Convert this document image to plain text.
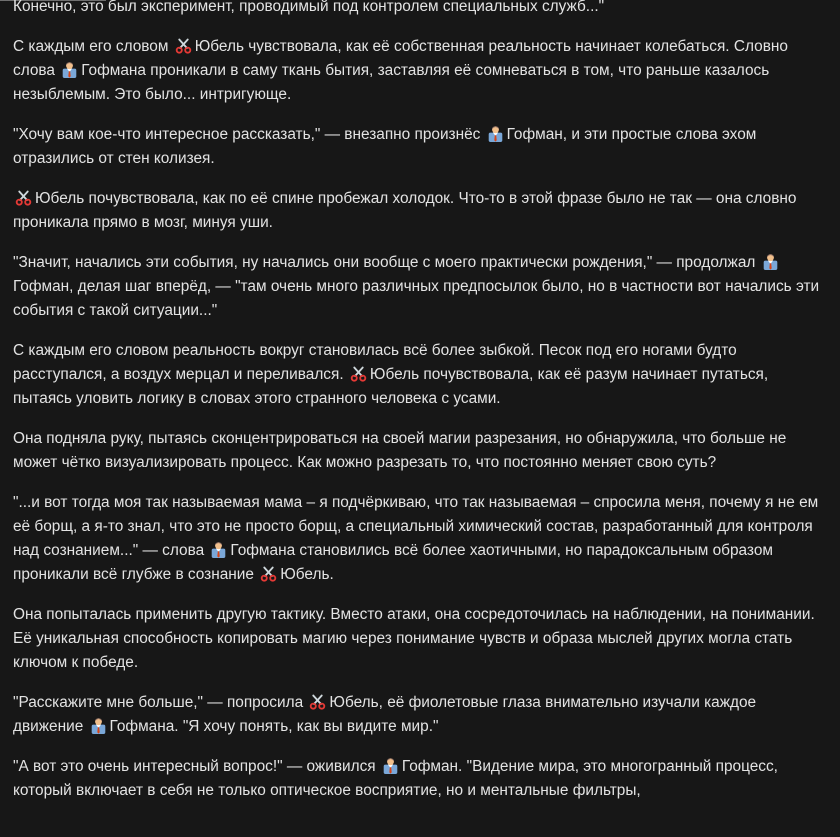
Конечно, это был эксперимент, проводимый под контролем специальных служб..."

С каждым его словом Юбель чувствовала, как её собственная реальность начинает колебаться. Словно слова Гофмана проникали в саму ткань бытия, заставляя её сомневаться в том, что раньше казалось незыблемым. Это было... интригующе.

"Хочу вам кое-что интересное рассказать," — внезапно произнёс Гофман, и эти простые слова эхом отразились от стен колизея.

Юбель почувствовала, как по её спине пробежал холодок. Что-то в этой фразе было не так — она словно проникала прямо в мозг, минуя уши.

"Значит, начались эти события, ну начались они вообще с моего практически рождения," — продолжал Гофман, делая шаг вперёд, — "там очень много различных предпосылок было, но в частности вот начались эти события с такой ситуации..."

С каждым его словом реальность вокруг становилась всё более зыбкой. Песок под его ногами будто расступался, а воздух мерцал и переливался. Юбель почувствовала, как её разум начинает путаться, пытаясь уловить логику в словах этого странного человека с усами.

Она подняла руку, пытаясь сконцентрироваться на своей магии разрезания, но обнаружила, что больше не может чётко визуализировать процесс. Как можно разрезать то, что постоянно меняет свою суть?

"...и вот тогда моя так называемая мама – я подчёркиваю, что так называемая – спросила меня, почему я не ем её борщ, а я-то знал, что это не просто борщ, а специальный химический состав, разработанный для контроля над сознанием..." — слова Гофмана становились всё более хаотичными, но парадоксальным образом проникали всё глубже в сознание Юбель.

Она попыталась применить другую тактику. Вместо атаки, она сосредоточилась на наблюдении, на понимании. Её уникальная способность копировать магию через понимание чувств и образа мыслей других могла стать ключом к победе.

"Расскажите мне больше," — попросила Юбель, её фиолетовые глаза внимательно изучали каждое движение Гофмана. "Я хочу понять, как вы видите мир."

"А вот это очень интересный вопрос!" — оживился Гофман. "Видение мира, это многогранный процесс, который включает в себя не только оптическое восприятие, но и ментальные фильтры,
